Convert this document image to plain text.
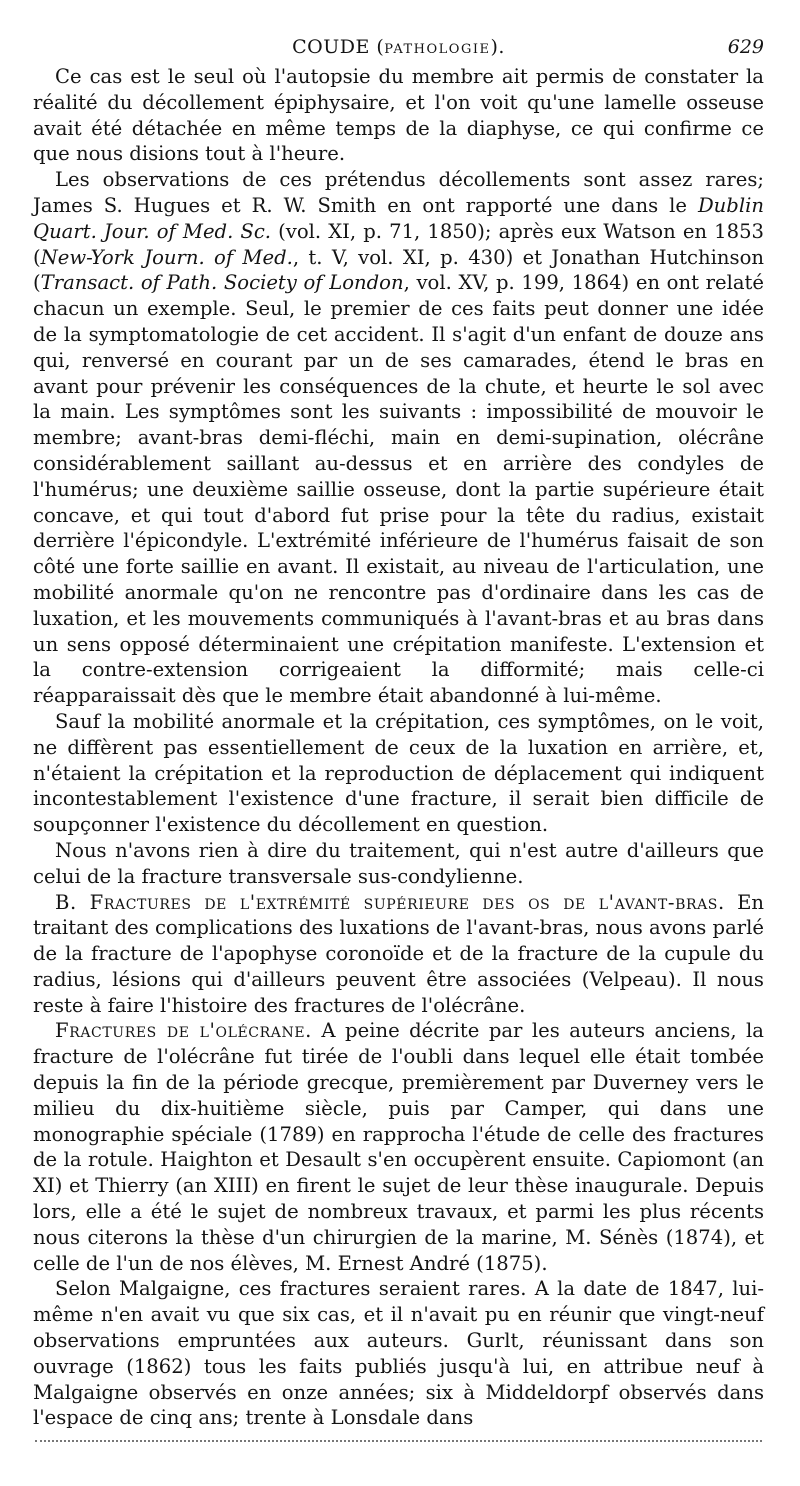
COUDE (PATHOLOGIE).	629

Ce cas est le seul où l'autopsie du membre ait permis de constater la réalité du décollement épiphysaire, et l'on voit qu'une lamelle osseuse avait été détachée en même temps de la diaphyse, ce qui confirme ce que nous disions tout à l'heure.

Les observations de ces prétendus décollements sont assez rares; James S. Hugues et R. W. Smith en ont rapporté une dans le Dublin Quart. Jour. of Med. Sc. (vol. XI, p. 71, 1850); après eux Watson en 1853 (New-York Journ. of Med., t. V, vol. XI, p. 430) et Jonathan Hutchinson (Transact. of Path. Society of London, vol. XV, p. 199, 1864) en ont relaté chacun un exemple. Seul, le premier de ces faits peut donner une idée de la symptomatologie de cet accident. Il s'agit d'un enfant de douze ans qui, renversé en courant par un de ses camarades, étend le bras en avant pour prévenir les conséquences de la chute, et heurte le sol avec la main. Les symptômes sont les suivants : impossibilité de mouvoir le membre; avant-bras demi-fléchi, main en demi-supination, olécrâne considérablement saillant au-dessus et en arrière des condyles de l'humérus; une deuxième saillie osseuse, dont la partie supérieure était concave, et qui tout d'abord fut prise pour la tête du radius, existait derrière l'épicondyle. L'extrémité inférieure de l'humérus faisait de son côté une forte saillie en avant. Il existait, au niveau de l'articulation, une mobilité anormale qu'on ne rencontre pas d'ordinaire dans les cas de luxation, et les mouvements communiqués à l'avant-bras et au bras dans un sens opposé déterminaient une crépitation manifeste. L'extension et la contre-extension corrigeaient la difformité; mais celle-ci réapparaissait dès que le membre était abandonné à lui-même.

Sauf la mobilité anormale et la crépitation, ces symptômes, on le voit, ne diffèrent pas essentiellement de ceux de la luxation en arrière, et, n'étaient la crépitation et la reproduction de déplacement qui indiquent incontestablement l'existence d'une fracture, il serait bien difficile de soupçonner l'existence du décollement en question.

Nous n'avons rien à dire du traitement, qui n'est autre d'ailleurs que celui de la fracture transversale sus-condylienne.

B. Fractures de l'extrémité supérieure des os de l'avant-bras. En traitant des complications des luxations de l'avant-bras, nous avons parlé de la fracture de l'apophyse coronoïde et de la fracture de la cupule du radius, lésions qui d'ailleurs peuvent être associées (Velpeau). Il nous reste à faire l'histoire des fractures de l'olécrâne.

Fractures de l'olécrane. A peine décrite par les auteurs anciens, la fracture de l'olécrâne fut tirée de l'oubli dans lequel elle était tombée depuis la fin de la période grecque, premièrement par Duverney vers le milieu du dix-huitième siècle, puis par Camper, qui dans une monographie spéciale (1789) en rapprocha l'étude de celle des fractures de la rotule. Haighton et Desault s'en occupèrent ensuite. Capiomont (an XI) et Thierry (an XIII) en firent le sujet de leur thèse inaugurale. Depuis lors, elle a été le sujet de nombreux travaux, et parmi les plus récents nous citerons la thèse d'un chirurgien de la marine, M. Sénès (1874), et celle de l'un de nos élèves, M. Ernest André (1875).

Selon Malgaigne, ces fractures seraient rares. A la date de 1847, lui-même n'en avait vu que six cas, et il n'avait pu en réunir que vingt-neuf observations empruntées aux auteurs. Gurlt, réunissant dans son ouvrage (1862) tous les faits publiés jusqu'à lui, en attribue neuf à Malgaigne observés en onze années; six à Middeldorpf observés dans l'espace de cinq ans; trente à Lonsdale dans
